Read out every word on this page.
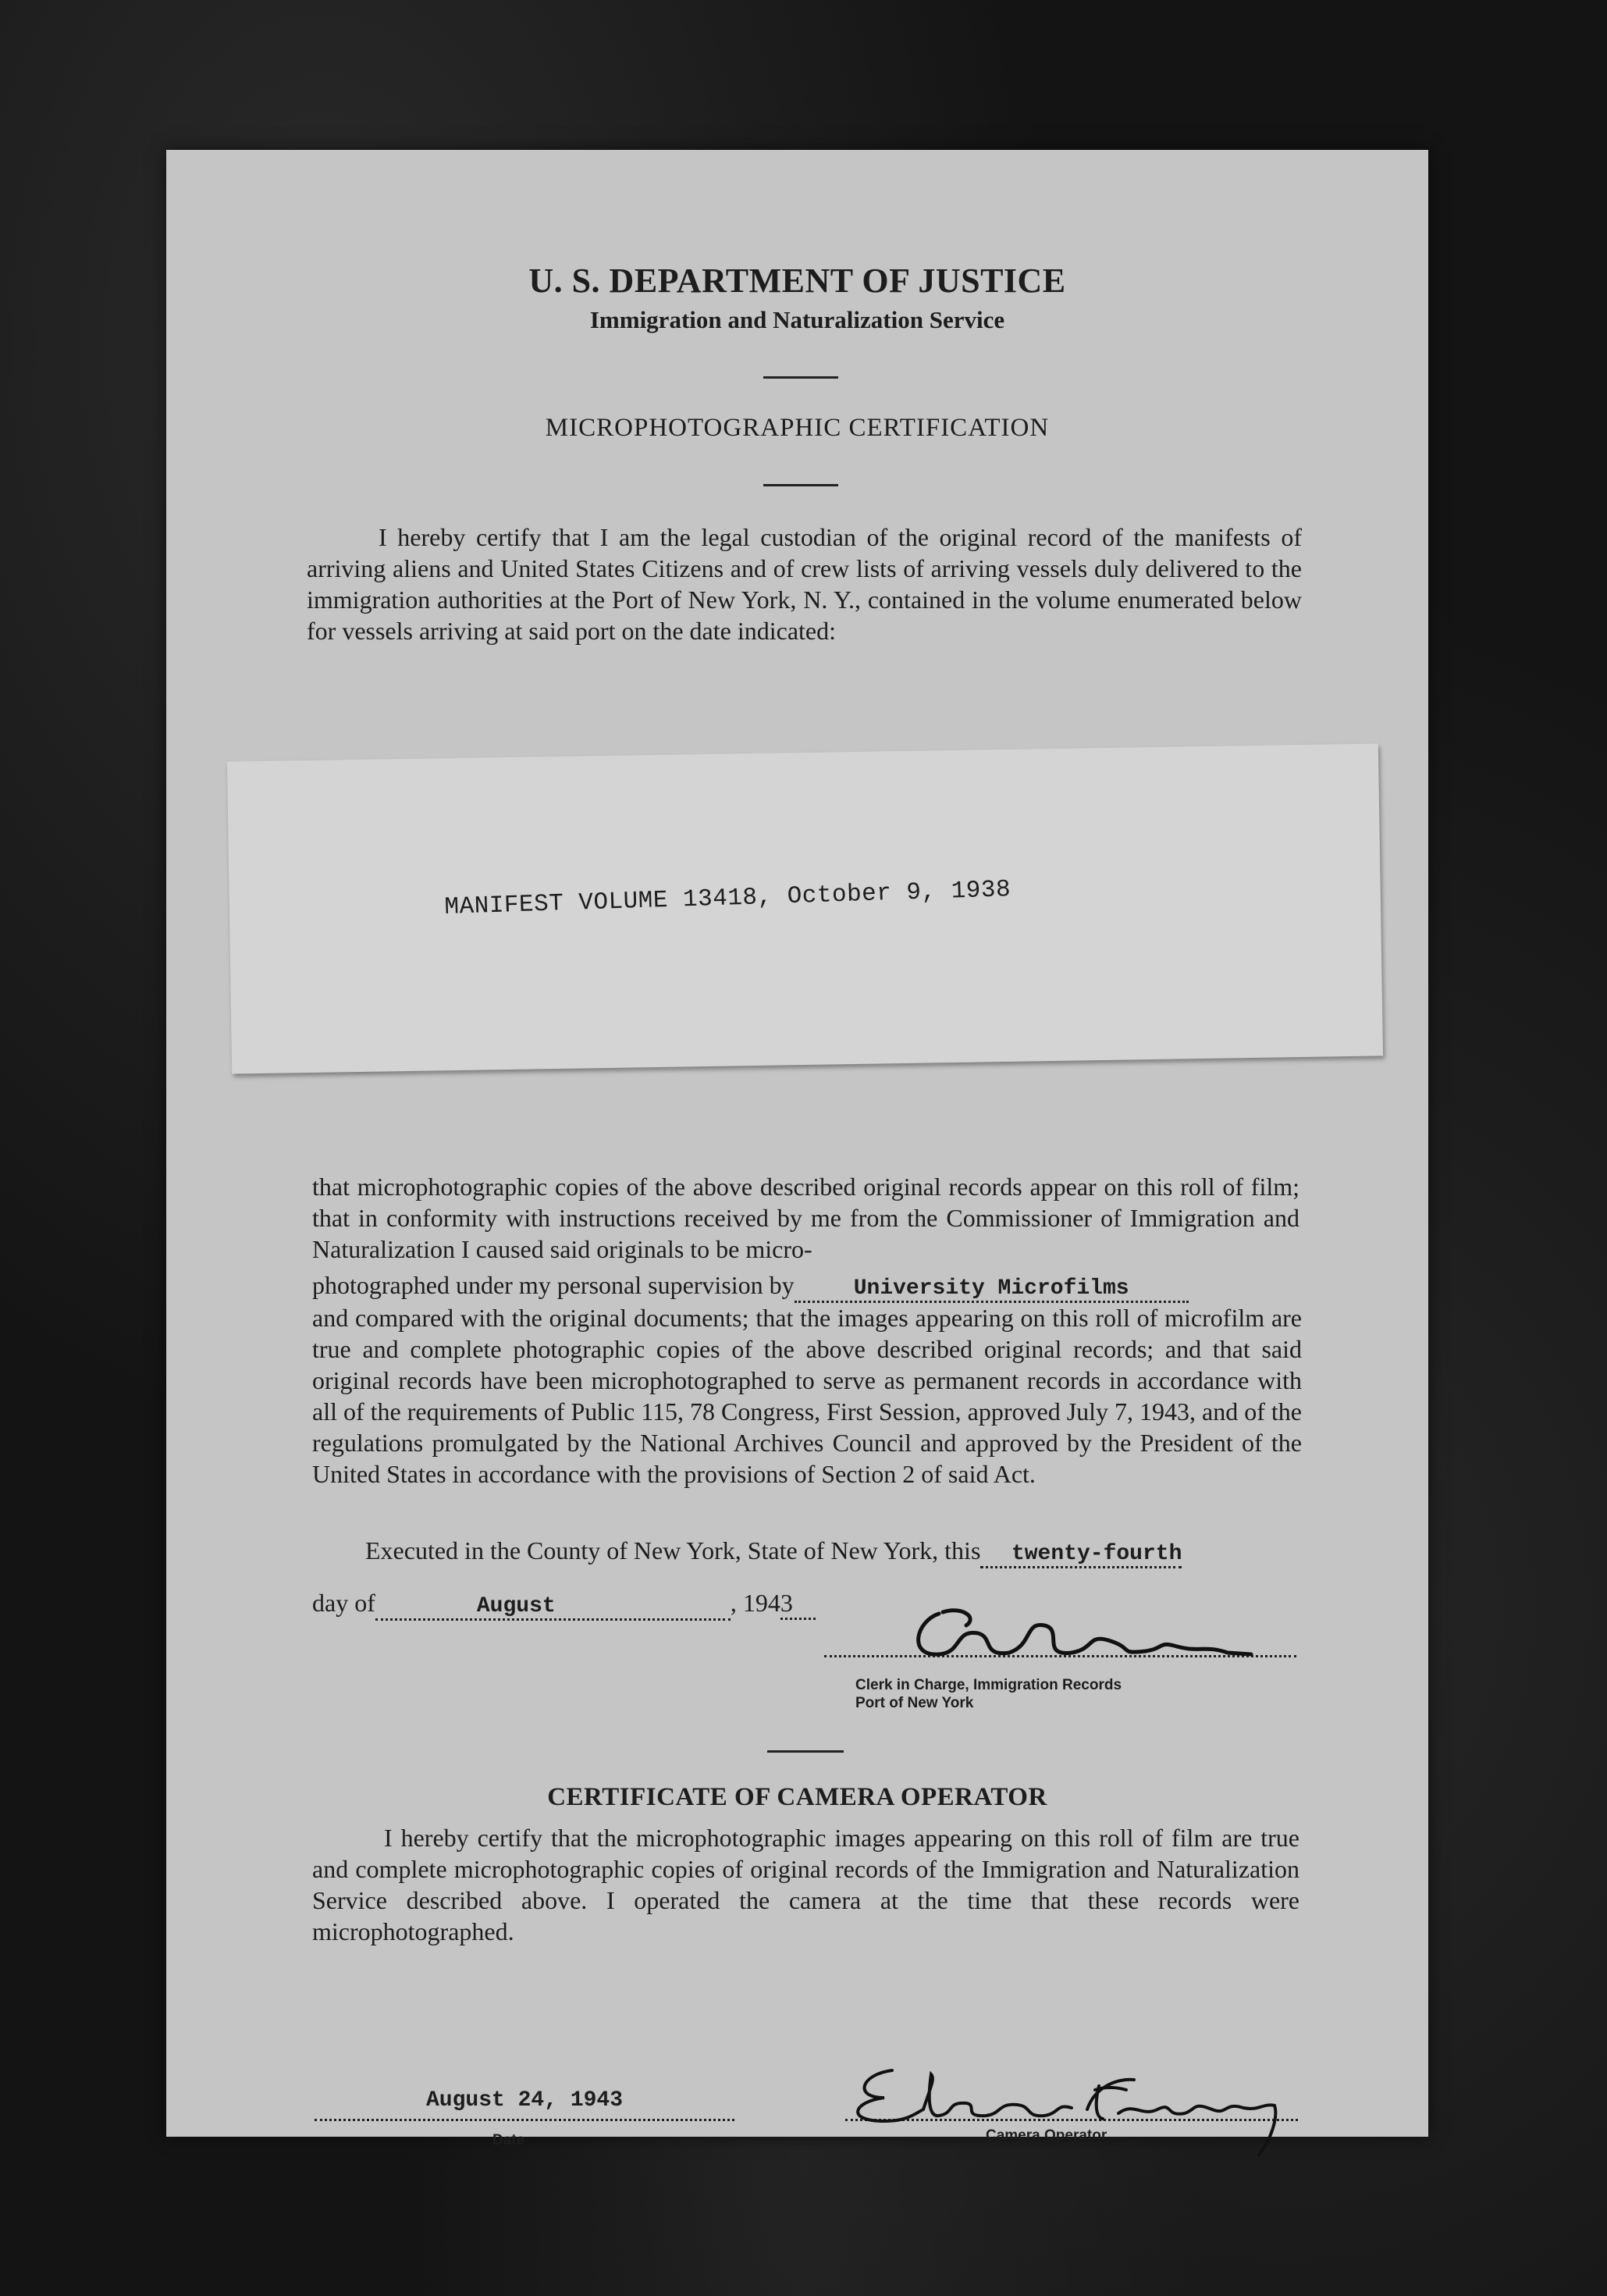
U. S. DEPARTMENT OF JUSTICE
Immigration and Naturalization Service
MICROPHOTOGRAPHIC CERTIFICATION
I hereby certify that I am the legal custodian of the original record of the manifests of arriving aliens and United States Citizens and of crew lists of arriving vessels duly delivered to the immigration authorities at the Port of New York, N. Y., contained in the volume enumerated below for vessels arriving at said port on the date indicated:
MANIFEST VOLUME 13418, October 9, 1938
that microphotographic copies of the above described original records appear on this roll of film; that in conformity with instructions received by me from the Commissioner of Immigration and Naturalization I caused said originals to be micro-
photographed under my personal supervision by	University Microfilms
and compared with the original documents; that the images appearing on this roll of microfilm are true and complete photographic copies of the above described original records; and that said original records have been microphotographed to serve as permanent records in accordance with all of the requirements of Public 115, 78 Congress, First Session, approved July 7, 1943, and of the regulations promulgated by the National Archives Council and approved by the President of the United States in accordance with the provisions of Section 2 of said Act.
Executed in the County of New York, State of New York, this twenty-fourth
day of	August	, 1943
Clerk in Charge, Immigration Records
Port of New York
CERTIFICATE OF CAMERA OPERATOR
I hereby certify that the microphotographic images appearing on this roll of film are true and complete microphotographic copies of original records of the Immigration and Naturalization Service described above. I operated the camera at the time that these records were microphotographed.
August 24, 1943
Date	Camera Operator
